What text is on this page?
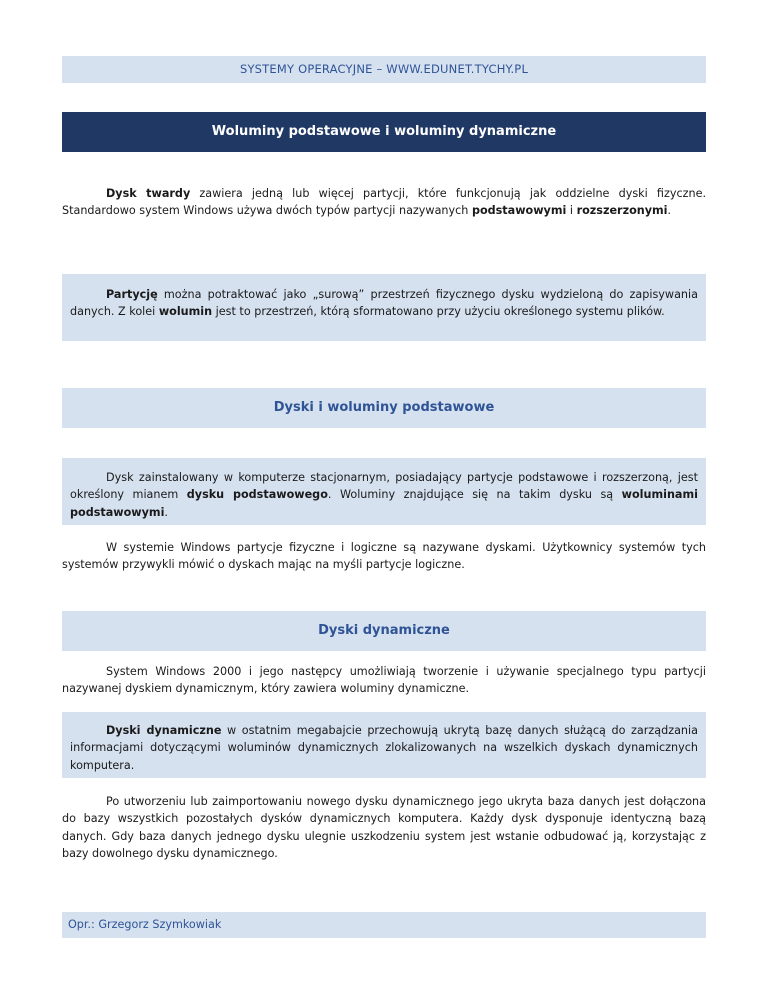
SYSTEMY OPERACYJNE – WWW.EDUNET.TYCHY.PL
Woluminy podstawowe i woluminy dynamiczne
Dysk twardy zawiera jedną lub więcej partycji, które funkcjonują jak oddzielne dyski fizyczne. Standardowo system Windows używa dwóch typów partycji nazywanych podstawowymi i rozszerzonymi.
Partycję można potraktować jako „surową” przestrzeń fizycznego dysku wydzieloną do zapisywania danych. Z kolei wolumin jest to przestrzeń, którą sformatowano przy użyciu określonego systemu plików.
Dyski i woluminy podstawowe
Dysk zainstalowany w komputerze stacjonarnym, posiadający partycje podstawowe i rozszerzoną, jest określony mianem dysku podstawowego. Woluminy znajdujące się na takim dysku są woluminami podstawowymi.
W systemie Windows partycje fizyczne i logiczne są nazywane dyskami. Użytkownicy systemów tych systemów przywykli mówić o dyskach mając na myśli partycje logiczne.
Dyski dynamiczne
System Windows 2000 i jego następcy umożliwiają tworzenie i używanie specjalnego typu partycji nazywanej dyskiem dynamicznym, który zawiera woluminy dynamiczne.
Dyski dynamiczne w ostatnim megabajcie przechowują ukrytą bazę danych służącą do zarządzania informacjami dotyczącymi woluminów dynamicznych zlokalizowanych na wszelkich dyskach dynamicznych komputera.
Po utworzeniu lub zaimportowaniu nowego dysku dynamicznego jego ukryta baza danych jest dołączona do bazy wszystkich pozostałych dysków dynamicznych komputera. Każdy dysk dysponuje identyczną bazą danych. Gdy baza danych jednego dysku ulegnie uszkodzeniu system jest wstanie odbudować ją, korzystając z bazy dowolnego dysku dynamicznego.
Opr.: Grzegorz Szymkowiak
